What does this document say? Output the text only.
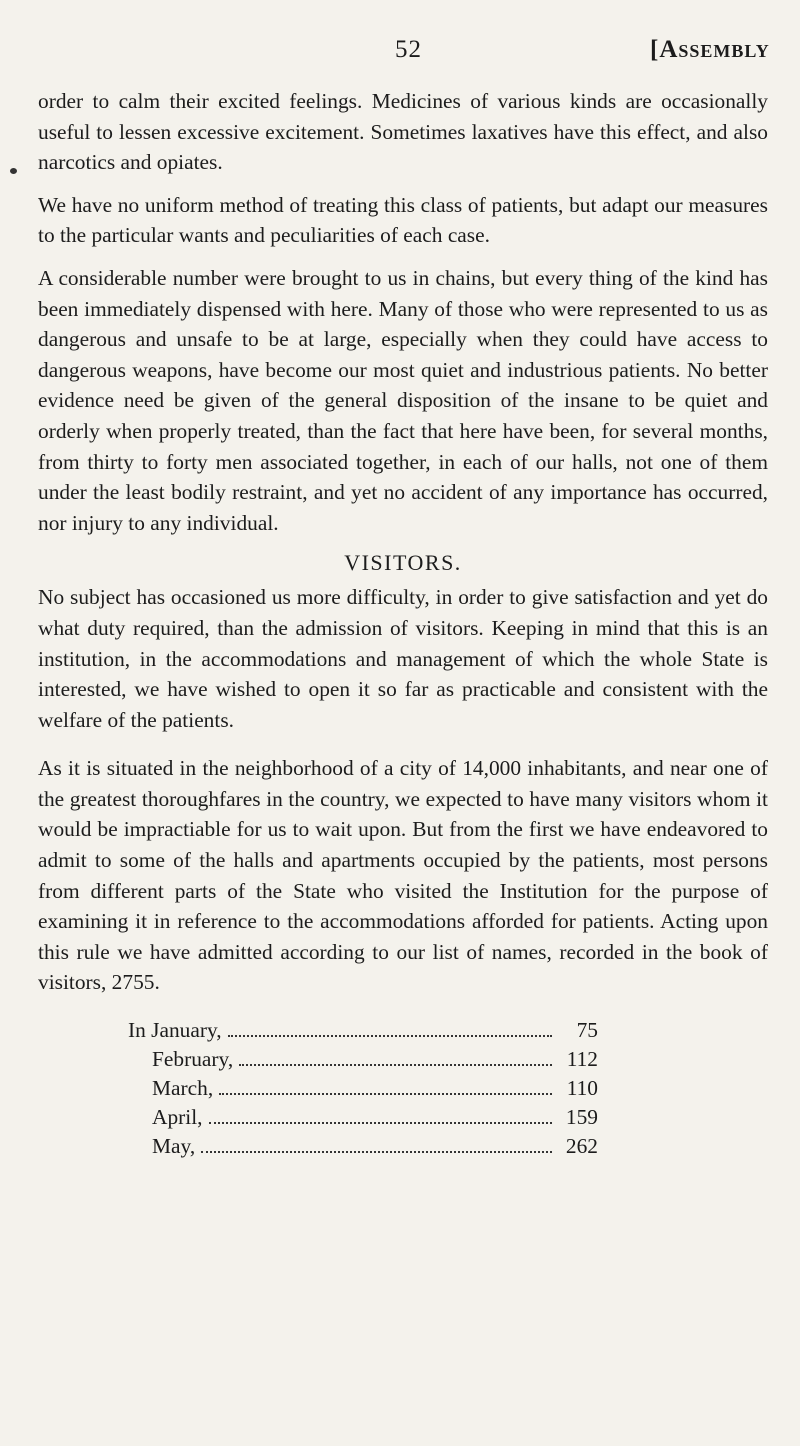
52	[Assembly

order to calm their excited feelings. Medicines of various kinds are occasionally useful to lessen excessive excitement. Sometimes laxatives have this effect, and also narcotics and opiates.

We have no uniform method of treating this class of patients, but adapt our measures to the particular wants and peculiarities of each case.

A considerable number were brought to us in chains, but every thing of the kind has been immediately dispensed with here. Many of those who were represented to us as dangerous and unsafe to be at large, especially when they could have access to dangerous weapons, have become our most quiet and industrious patients. No better evidence need be given of the general disposition of the insane to be quiet and orderly when properly treated, than the fact that here have been, for several months, from thirty to forty men associated together, in each of our halls, not one of them under the least bodily restraint, and yet no accident of any importance has occurred, nor injury to any individual.

VISITORS.

No subject has occasioned us more difficulty, in order to give satisfaction and yet do what duty required, than the admission of visitors. Keeping in mind that this is an institution, in the accommodations and management of which the whole State is interested, we have wished to open it so far as practicable and consistent with the welfare of the patients.

As it is situated in the neighborhood of a city of 14,000 inhabitants, and near one of the greatest thoroughfares in the country, we expected to have many visitors whom it would be impractiable for us to wait upon. But from the first we have endeavored to admit to some of the halls and apartments occupied by the patients, most persons from different parts of the State who visited the Institution for the purpose of examining it in reference to the accommodations afforded for patients. Acting upon this rule we have admitted according to our list of names, recorded in the book of visitors, 2755.

In January,	75
February,	112
March,	110
April,	159
May,	262
